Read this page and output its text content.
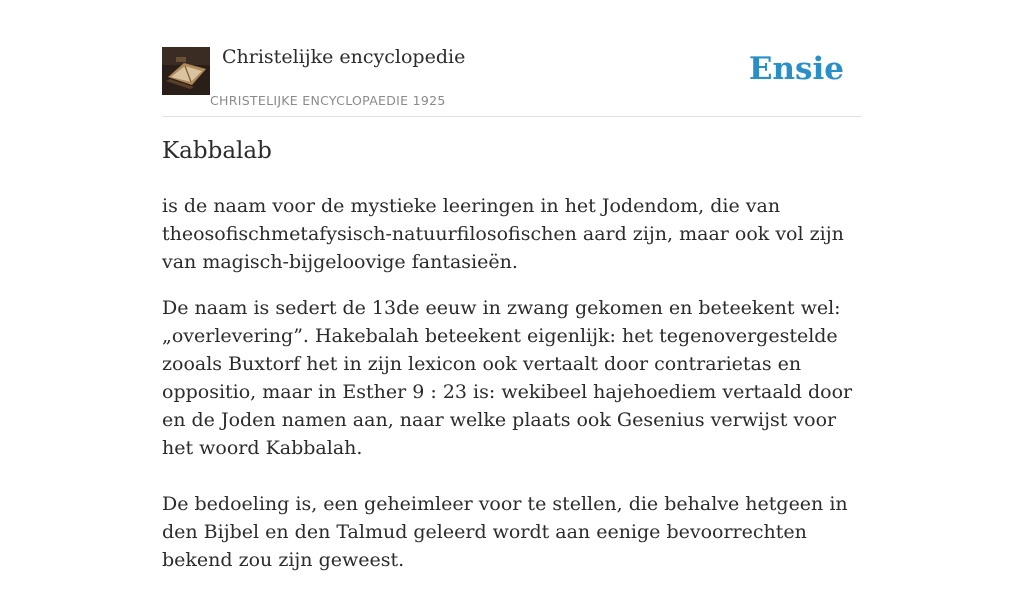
Christelijke encyclopedie
CHRISTELIJKE ENCYCLOPAEDIE 1925
Ensie
Kabbalab

is de naam voor de mystieke leeringen in het Jodendom, die van theosofischmetafysisch-natuurfilosofischen aard zijn, maar ook vol zijn van magisch-bijgeloovige fantasieën.

De naam is sedert de 13de eeuw in zwang gekomen en beteekent wel: „overlevering”. Hakebalah beteekent eigenlijk: het tegenovergestelde zooals Buxtorf het in zijn lexicon ook vertaalt door contrarietas en oppositio, maar in Esther 9 : 23 is: wekibeel hajehoediem vertaald door en de Joden namen aan, naar welke plaats ook Gesenius verwijst voor het woord Kabbalah.

De bedoeling is, een geheimleer voor te stellen, die behalve hetgeen in den Bijbel en den Talmud geleerd wordt aan eenige bevoorrechten bekend zou zijn geweest.
